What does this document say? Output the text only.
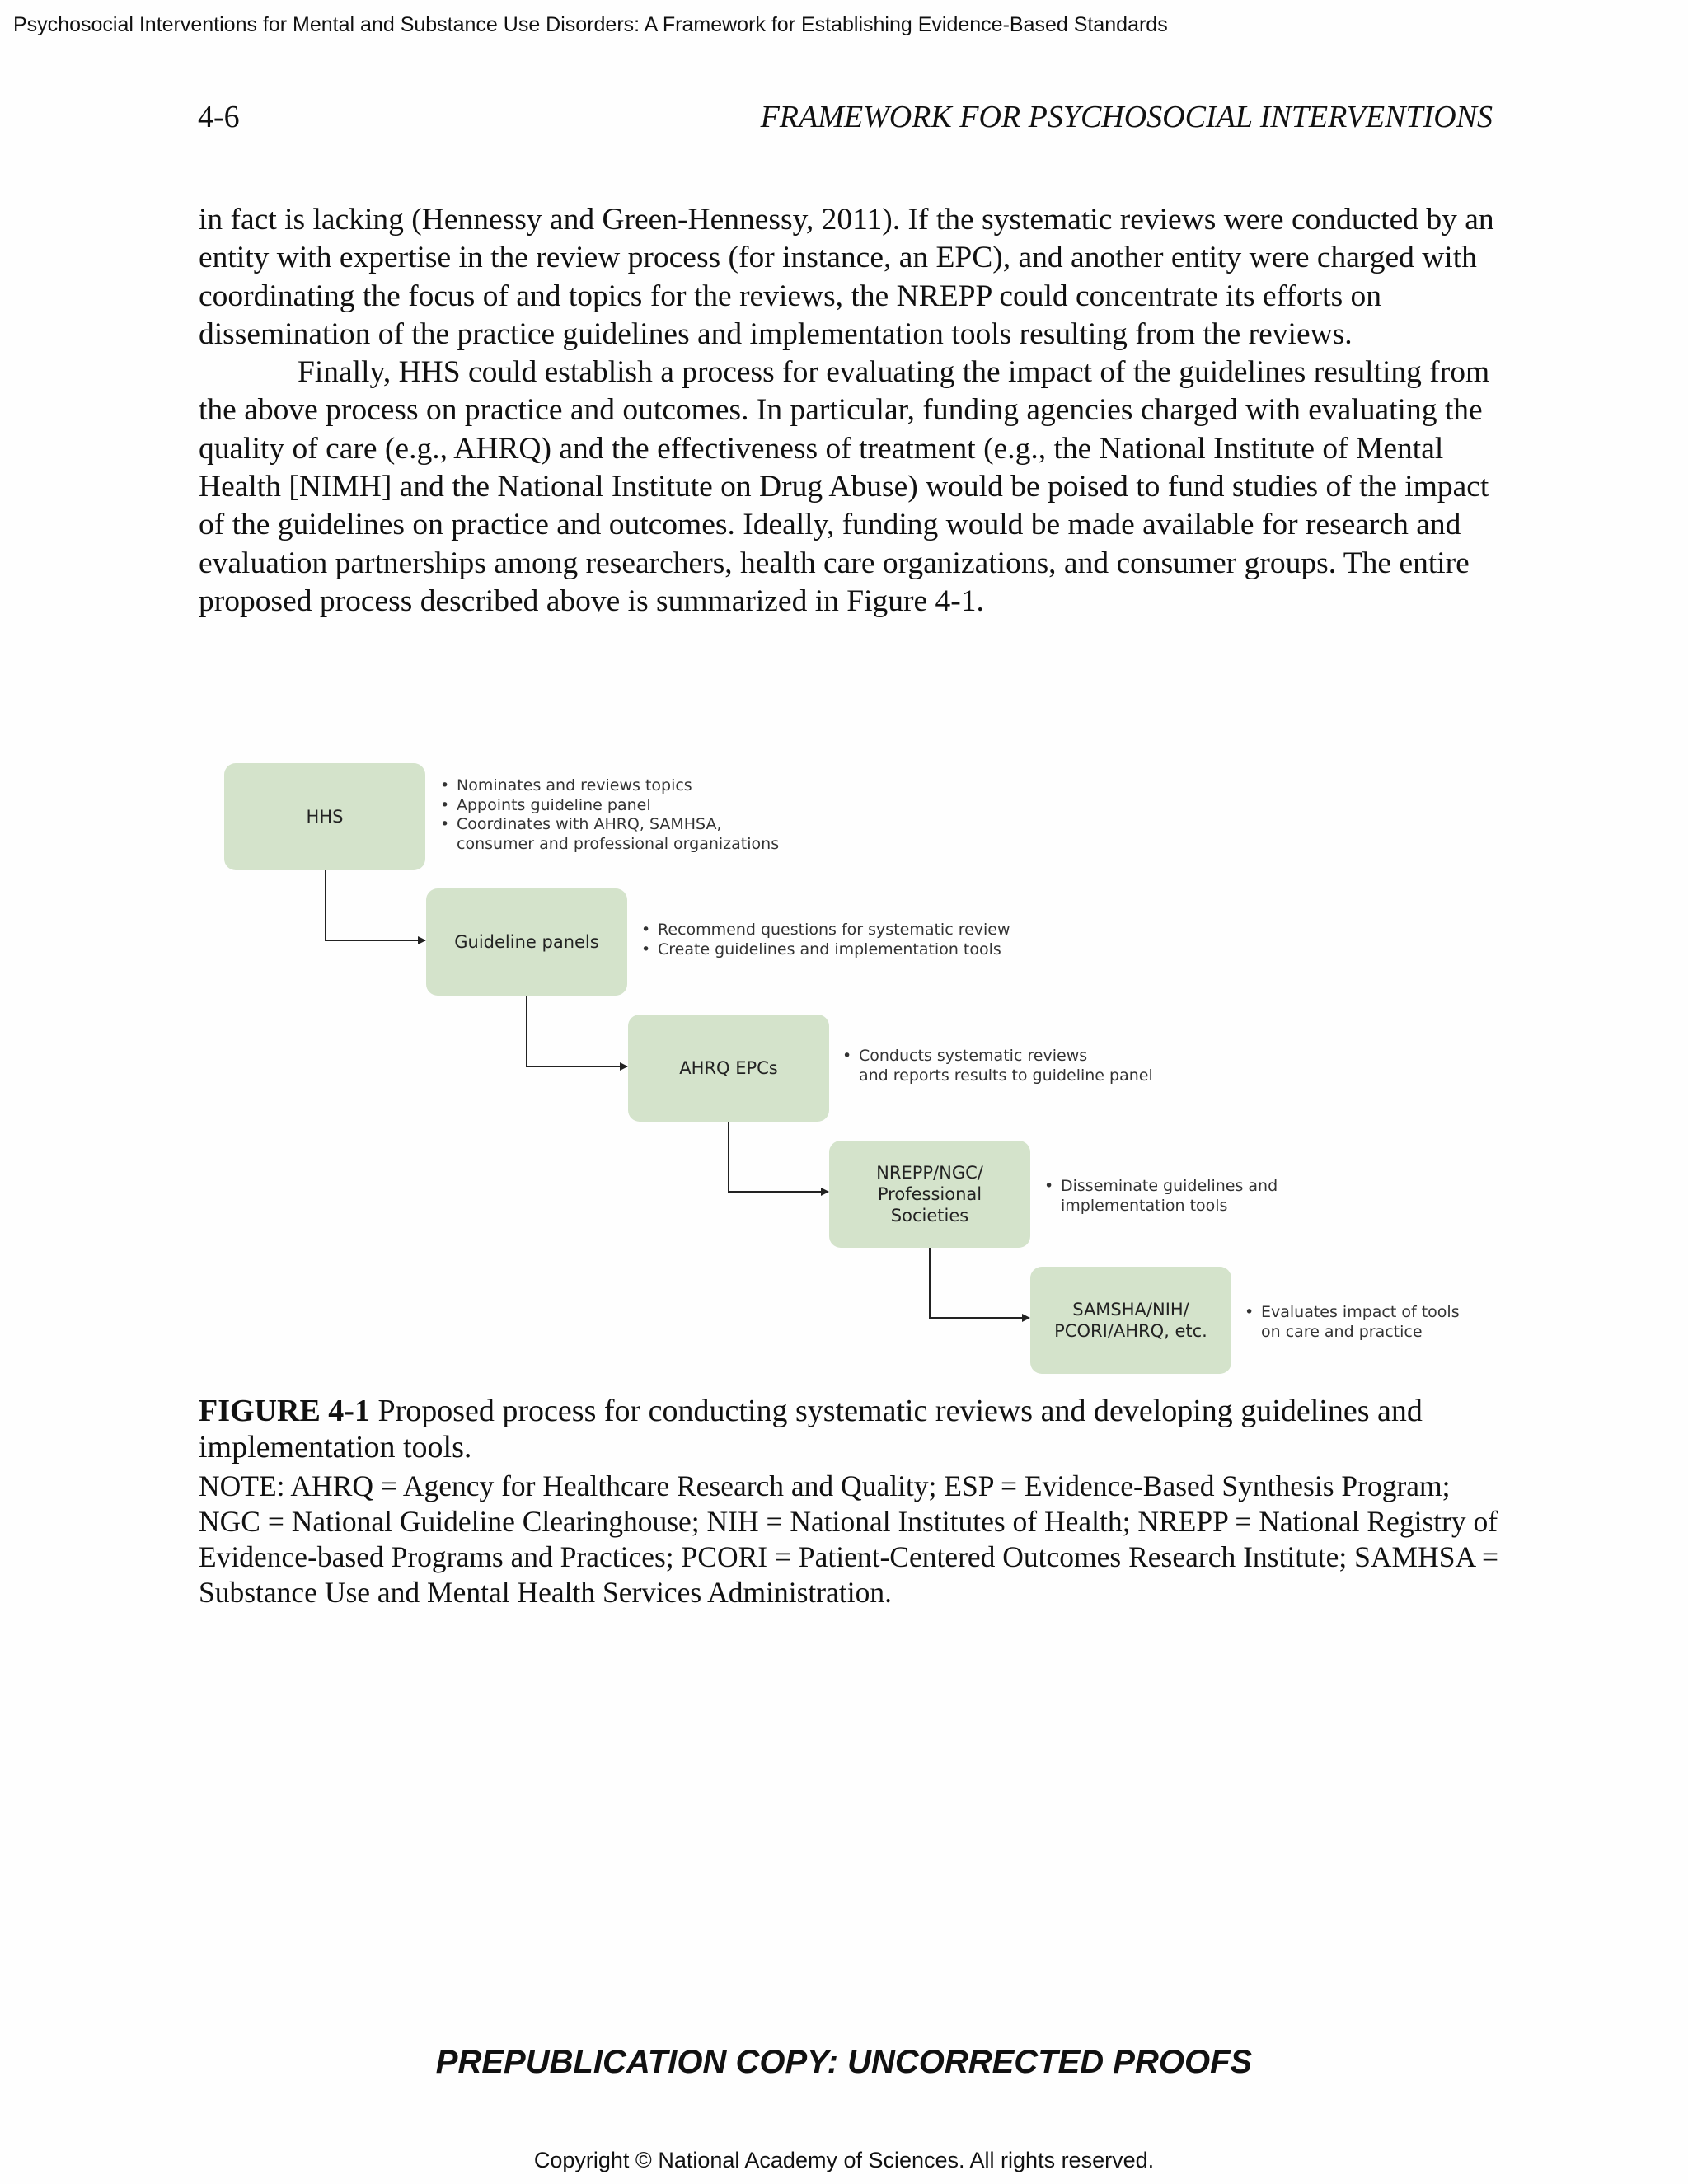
Psychosocial Interventions for Mental and Substance Use Disorders: A Framework for Establishing Evidence-Based Standards
4-6	FRAMEWORK FOR PSYCHOSOCIAL INTERVENTIONS

in fact is lacking (Hennessy and Green-Hennessy, 2011). If the systematic reviews were conducted by an entity with expertise in the review process (for instance, an EPC), and another entity were charged with coordinating the focus of and topics for the reviews, the NREPP could concentrate its efforts on dissemination of the practice guidelines and implementation tools resulting from the reviews.

Finally, HHS could establish a process for evaluating the impact of the guidelines resulting from the above process on practice and outcomes. In particular, funding agencies charged with evaluating the quality of care (e.g., AHRQ) and the effectiveness of treatment (e.g., the National Institute of Mental Health [NIMH] and the National Institute on Drug Abuse) would be poised to fund studies of the impact of the guidelines on practice and outcomes. Ideally, funding would be made available for research and evaluation partnerships among researchers, health care organizations, and consumer groups. The entire proposed process described above is summarized in Figure 4-1.

HHS
• Nominates and reviews topics
• Appoints guideline panel
• Coordinates with AHRQ, SAMHSA,
consumer and professional organizations
Guideline panels
• Recommend questions for systematic review
• Create guidelines and implementation tools
AHRQ EPCs
• Conducts systematic reviews
and reports results to guideline panel
NREPP/NGC/
Professional
Societies
• Disseminate guidelines and
implementation tools
SAMSHA/NIH/
PCORI/AHRQ, etc.
• Evaluates impact of tools
on care and practice
FIGURE 4-1 Proposed process for conducting systematic reviews and developing guidelines and implementation tools.
NOTE: AHRQ = Agency for Healthcare Research and Quality; ESP = Evidence-Based Synthesis Program; NGC = National Guideline Clearinghouse; NIH = National Institutes of Health; NREPP = National Registry of Evidence-based Programs and Practices; PCORI = Patient-Centered Outcomes Research Institute; SAMHSA = Substance Use and Mental Health Services Administration.
PREPUBLICATION COPY: UNCORRECTED PROOFS
Copyright © National Academy of Sciences. All rights reserved.
